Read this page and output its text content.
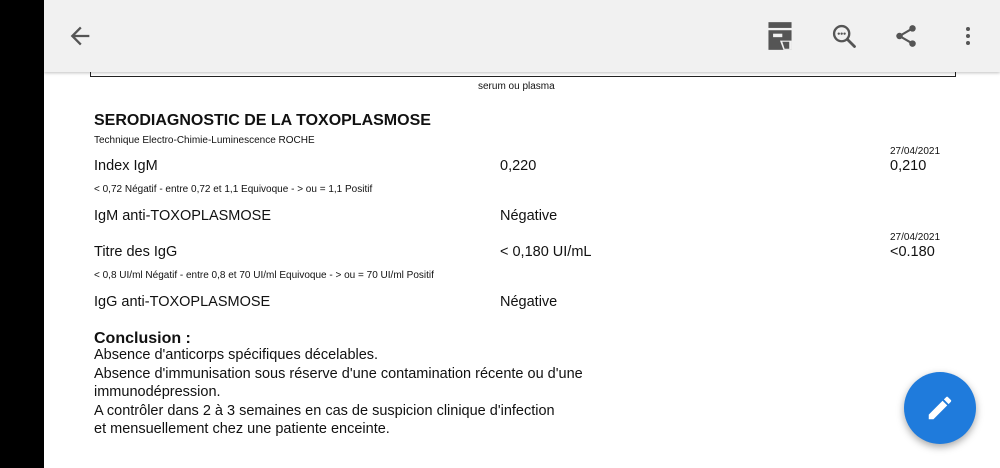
serum ou plasma
SERODIAGNOSTIC DE LA TOXOPLASMOSE
Technique Electro-Chimie-Luminescence ROCHE
27/04/2021
Index IgM	0,220	0,210
< 0,72 Négatif - entre 0,72 et 1,1 Equivoque - > ou = 1,1 Positif
IgM anti-TOXOPLASMOSE	Négative
27/04/2021
Titre des IgG	< 0,180 UI/mL	<0.180
< 0,8 UI/ml Négatif - entre 0,8 et 70 UI/ml Equivoque - > ou = 70 UI/ml Positif
IgG anti-TOXOPLASMOSE	Négative
Conclusion :
Absence d'anticorps spécifiques décelables.
Absence d'immunisation sous réserve d'une contamination récente ou d'une
immunodépression.
A contrôler dans 2 à 3 semaines en cas de suspicion clinique d'infection
et mensuellement chez une patiente enceinte.
